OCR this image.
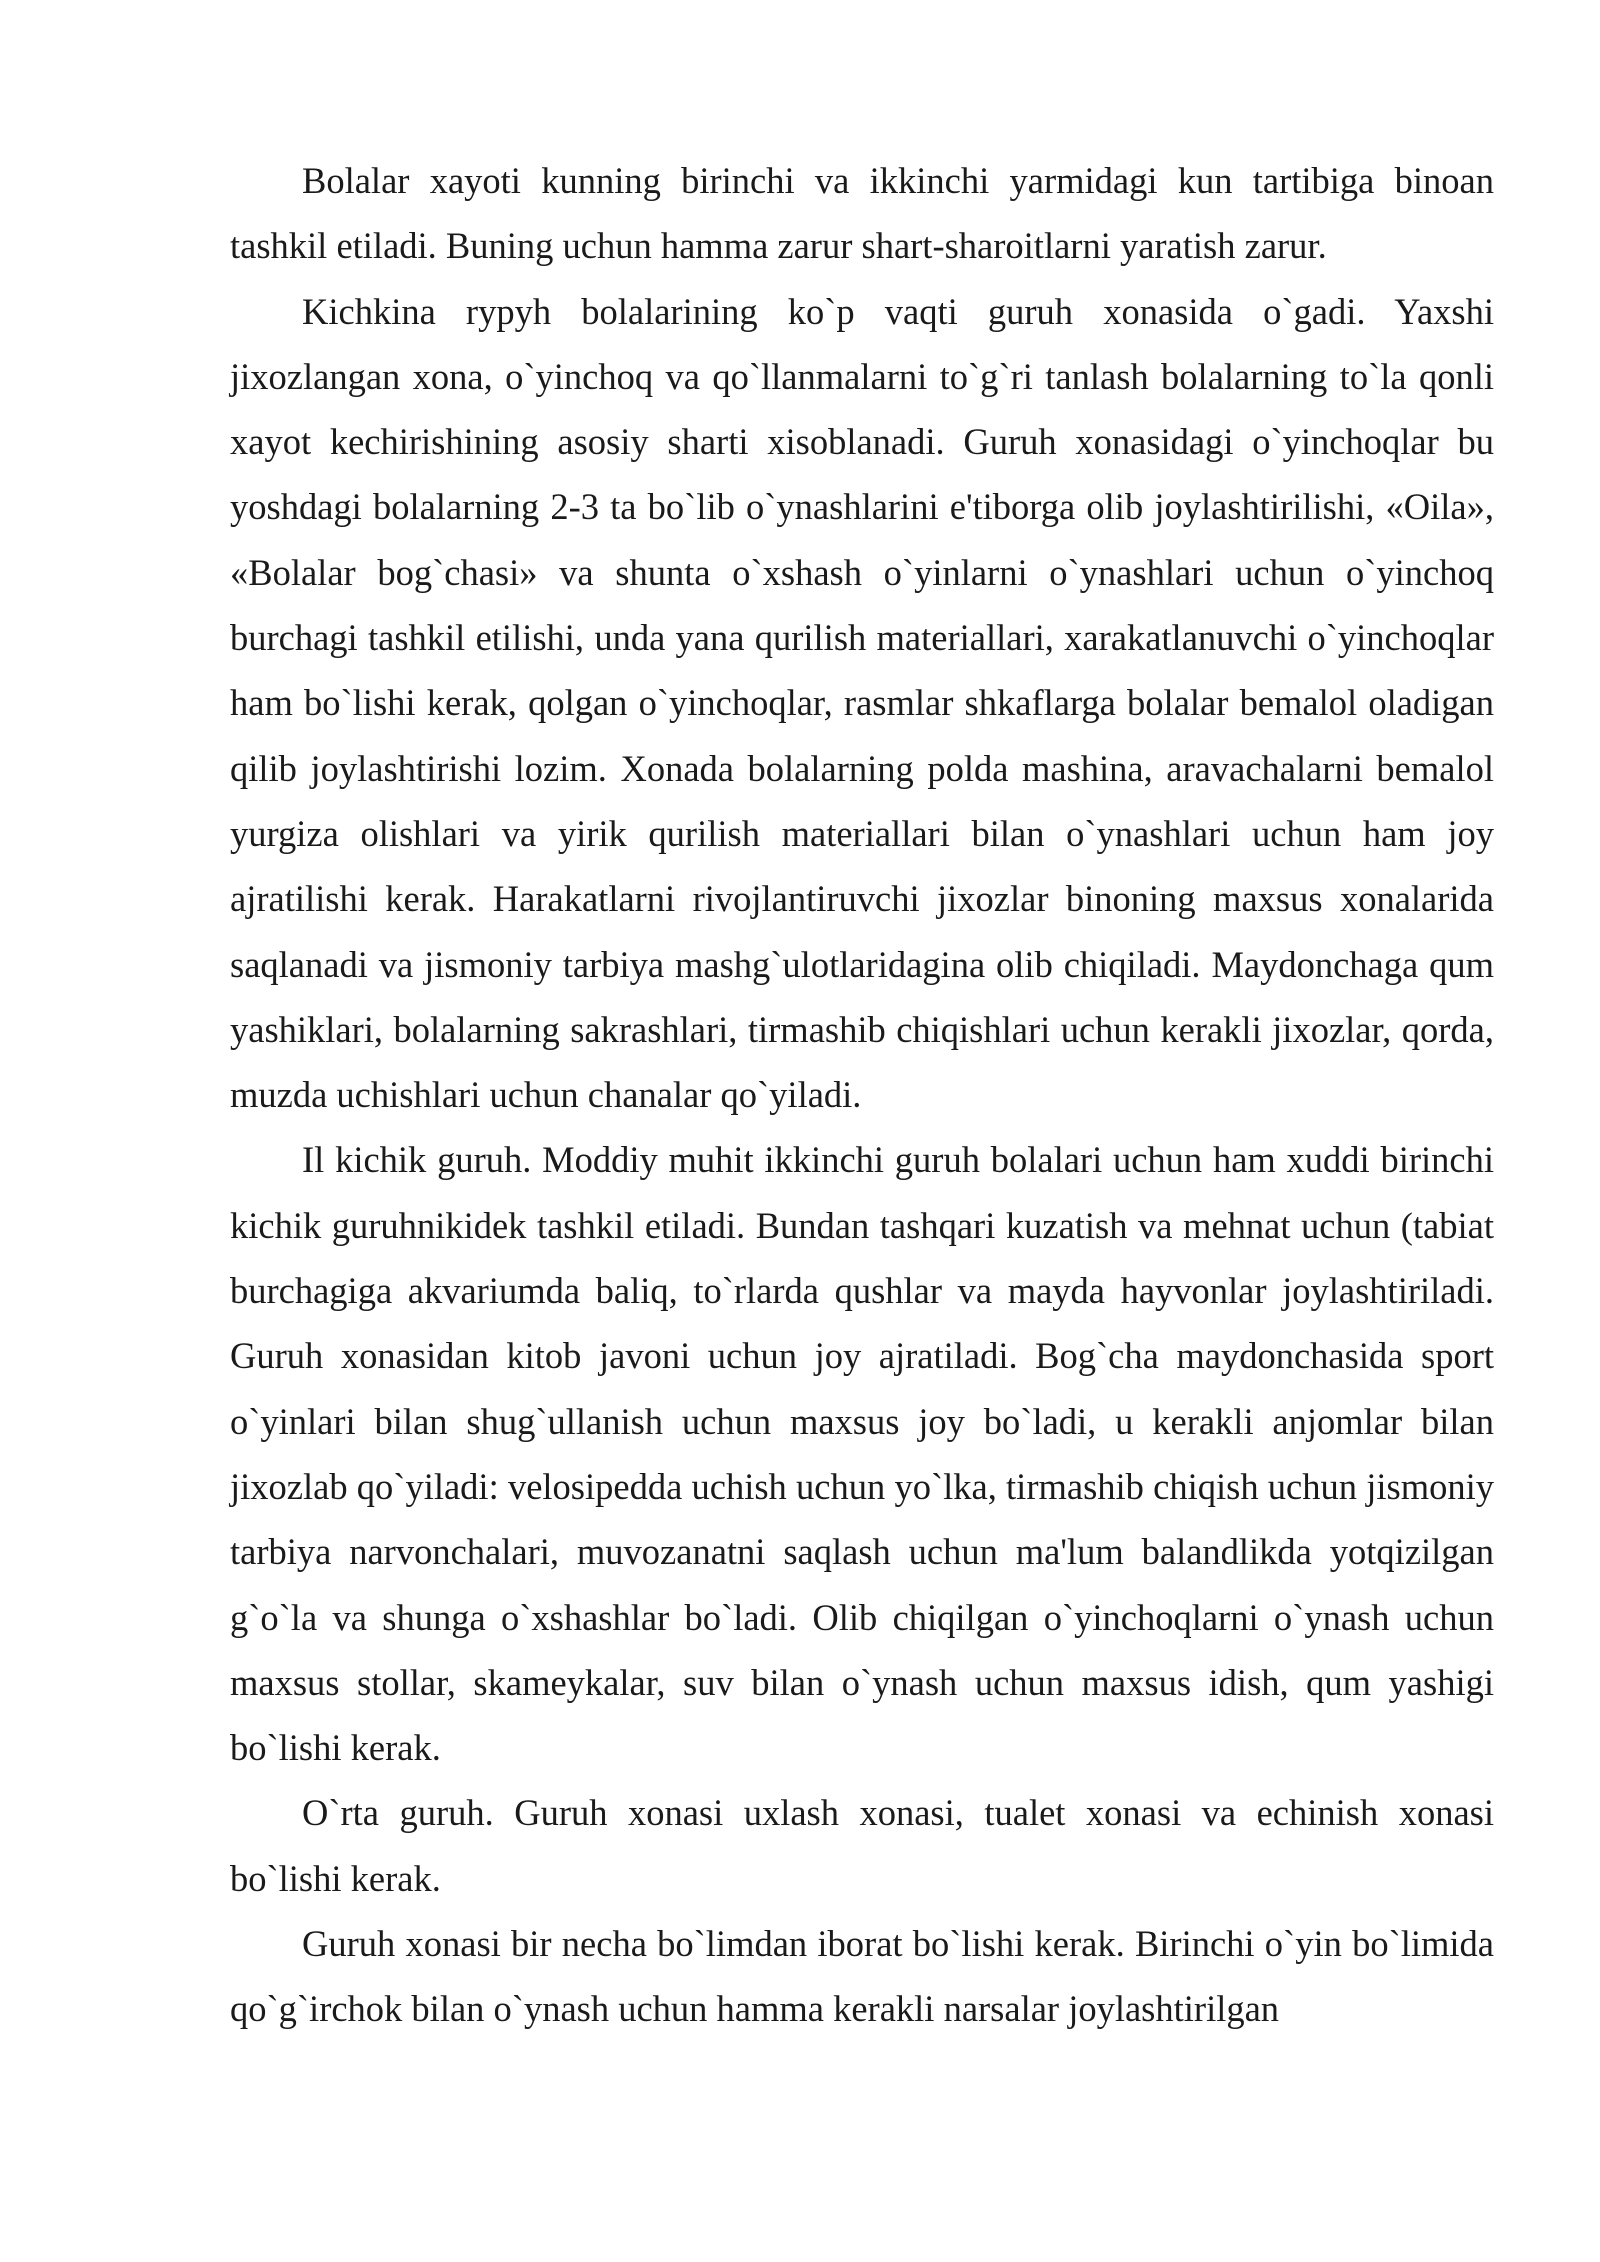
Bolalar xayoti kunning birinchi va ikkinchi yarmidagi kun tartibiga binoan tashkil etiladi. Buning uchun hamma zarur shart-sharoitlarni yaratish zarur.

Kichkina rypyh bolalarining ko`p vaqti guruh xonasida o`gadi. Yaxshi jixozlangan xona, o`yinchoq va qo`llanmalarni to`g`ri tanlash bolalarning to`la qonli xayot kechirishining asosiy sharti xisoblanadi. Guruh xonasidagi o`yinchoqlar bu yoshdagi bolalarning 2-3 ta bo`lib o`ynashlarini e'tiborga olib joylashtirilishi, «Oila», «Bolalar bog`chasi» va shunta o`xshash o`yinlarni o`ynashlari uchun o`yinchoq burchagi tashkil etilishi, unda yana qurilish materiallari, xarakatlanuvchi o`yinchoqlar ham bo`lishi kerak, qolgan o`yinchoqlar, rasmlar shkaflarga bolalar bemalol oladigan qilib joylashtirishi lozim. Xonada bolalarning polda mashina, aravachalarni bemalol yurgiza olishlari va yirik qurilish materiallari bilan o`ynashlari uchun ham joy ajratilishi kerak. Harakatlarni rivojlantiruvchi jixozlar binoning maxsus xonalarida saqlanadi va jismoniy tarbiya mashg`ulotlaridagina olib chiqiladi. Maydonchaga qum yashiklari, bolalarning sakrashlari, tirmashib chiqishlari uchun kerakli jixozlar, qorda, muzda uchishlari uchun chanalar qo`yiladi.

Il kichik guruh. Moddiy muhit ikkinchi guruh bolalari uchun ham xuddi birinchi kichik guruhnikidek tashkil etiladi. Bundan tashqari kuzatish va mehnat uchun (tabiat burchagiga akvariumda baliq, to`rlarda qushlar va mayda hayvonlar joylashtiriladi. Guruh xonasidan kitob javoni uchun joy ajratiladi. Bog`cha maydonchasida sport o`yinlari bilan shug`ullanish uchun maxsus joy bo`ladi, u kerakli anjomlar bilan jixozlab qo`yiladi: velosipedda uchish uchun yo`lka, tirmashib chiqish uchun jismoniy tarbiya narvonchalari, muvozanatni saqlash uchun ma'lum balandlikda yotqizilgan g`o`la va shunga o`xshashlar bo`ladi. Olib chiqilgan o`yinchoqlarni o`ynash uchun maxsus stollar, skameykalar, suv bilan o`ynash uchun maxsus idish, qum yashigi bo`lishi kerak.

O`rta guruh. Guruh xonasi uxlash xonasi, tualet xonasi va echinish xonasi bo`lishi kerak.

Guruh xonasi bir necha bo`limdan iborat bo`lishi kerak. Birinchi o`yin bo`limida qo`g`irchok bilan o`ynash uchun hamma kerakli narsalar joylashtirilgan
